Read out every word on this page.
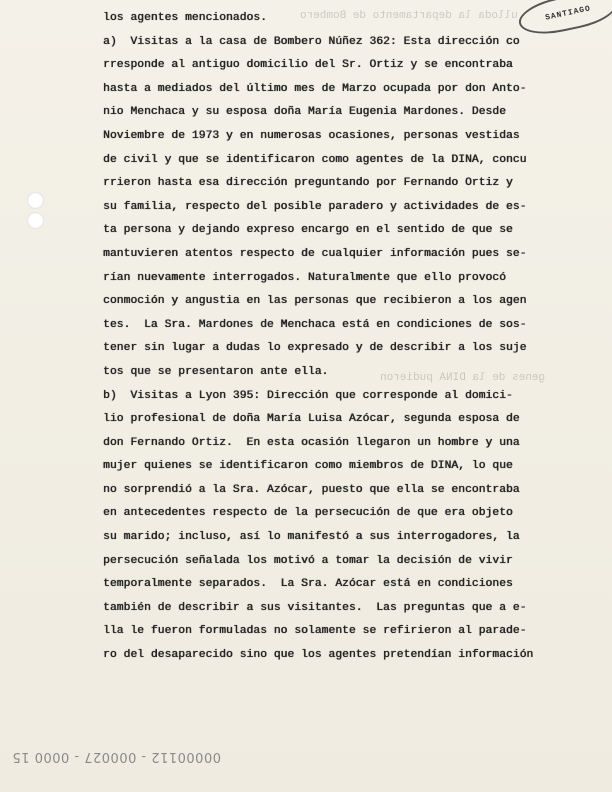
SANTIAGO
ulloda la departamento de Bombero
genes de la DINA pudieron
los agentes mencionados.
a)  Visitas a la casa de Bombero Núñez 362: Esta dirección co
rresponde al antiguo domicilio del Sr. Ortiz y se encontraba
hasta a mediados del último mes de Marzo ocupada por don Anto-
nio Menchaca y su esposa doña María Eugenia Mardones. Desde
Noviembre de 1973 y en numerosas ocasiones, personas vestidas
de civil y que se identificaron como agentes de la DINA, concu
rrieron hasta esa dirección preguntando por Fernando Ortiz y
su familia, respecto del posible paradero y actividades de es-
ta persona y dejando expreso encargo en el sentido de que se
mantuvieren atentos respecto de cualquier información pues se-
rían nuevamente interrogados. Naturalmente que ello provocó
conmoción y angustia en las personas que recibieron a los agen
tes.  La Sra. Mardones de Menchaca está en condiciones de sos-
tener sin lugar a dudas lo expresado y de describir a los suje
tos que se presentaron ante ella.
b)  Visitas a Lyon 395: Dirección que corresponde al domici-
lio profesional de doña María Luisa Azócar, segunda esposa de
don Fernando Ortiz.  En esta ocasión llegaron un hombre y una
mujer quienes se identificaron como miembros de DINA, lo que
no sorprendió a la Sra. Azócar, puesto que ella se encontraba
en antecedentes respecto de la persecución de que era objeto
su marido; incluso, así lo manifestó a sus interrogadores, la
persecución señalada los motivó a tomar la decisión de vivir
temporalmente separados.  La Sra. Azócar está en condiciones
también de describir a sus visitantes.  Las preguntas que a e-
lla le fueron formuladas no solamente se refirieron al parade-
ro del desaparecido sino que los agentes pretendían información
00000112 - 000027 - 0000 15
